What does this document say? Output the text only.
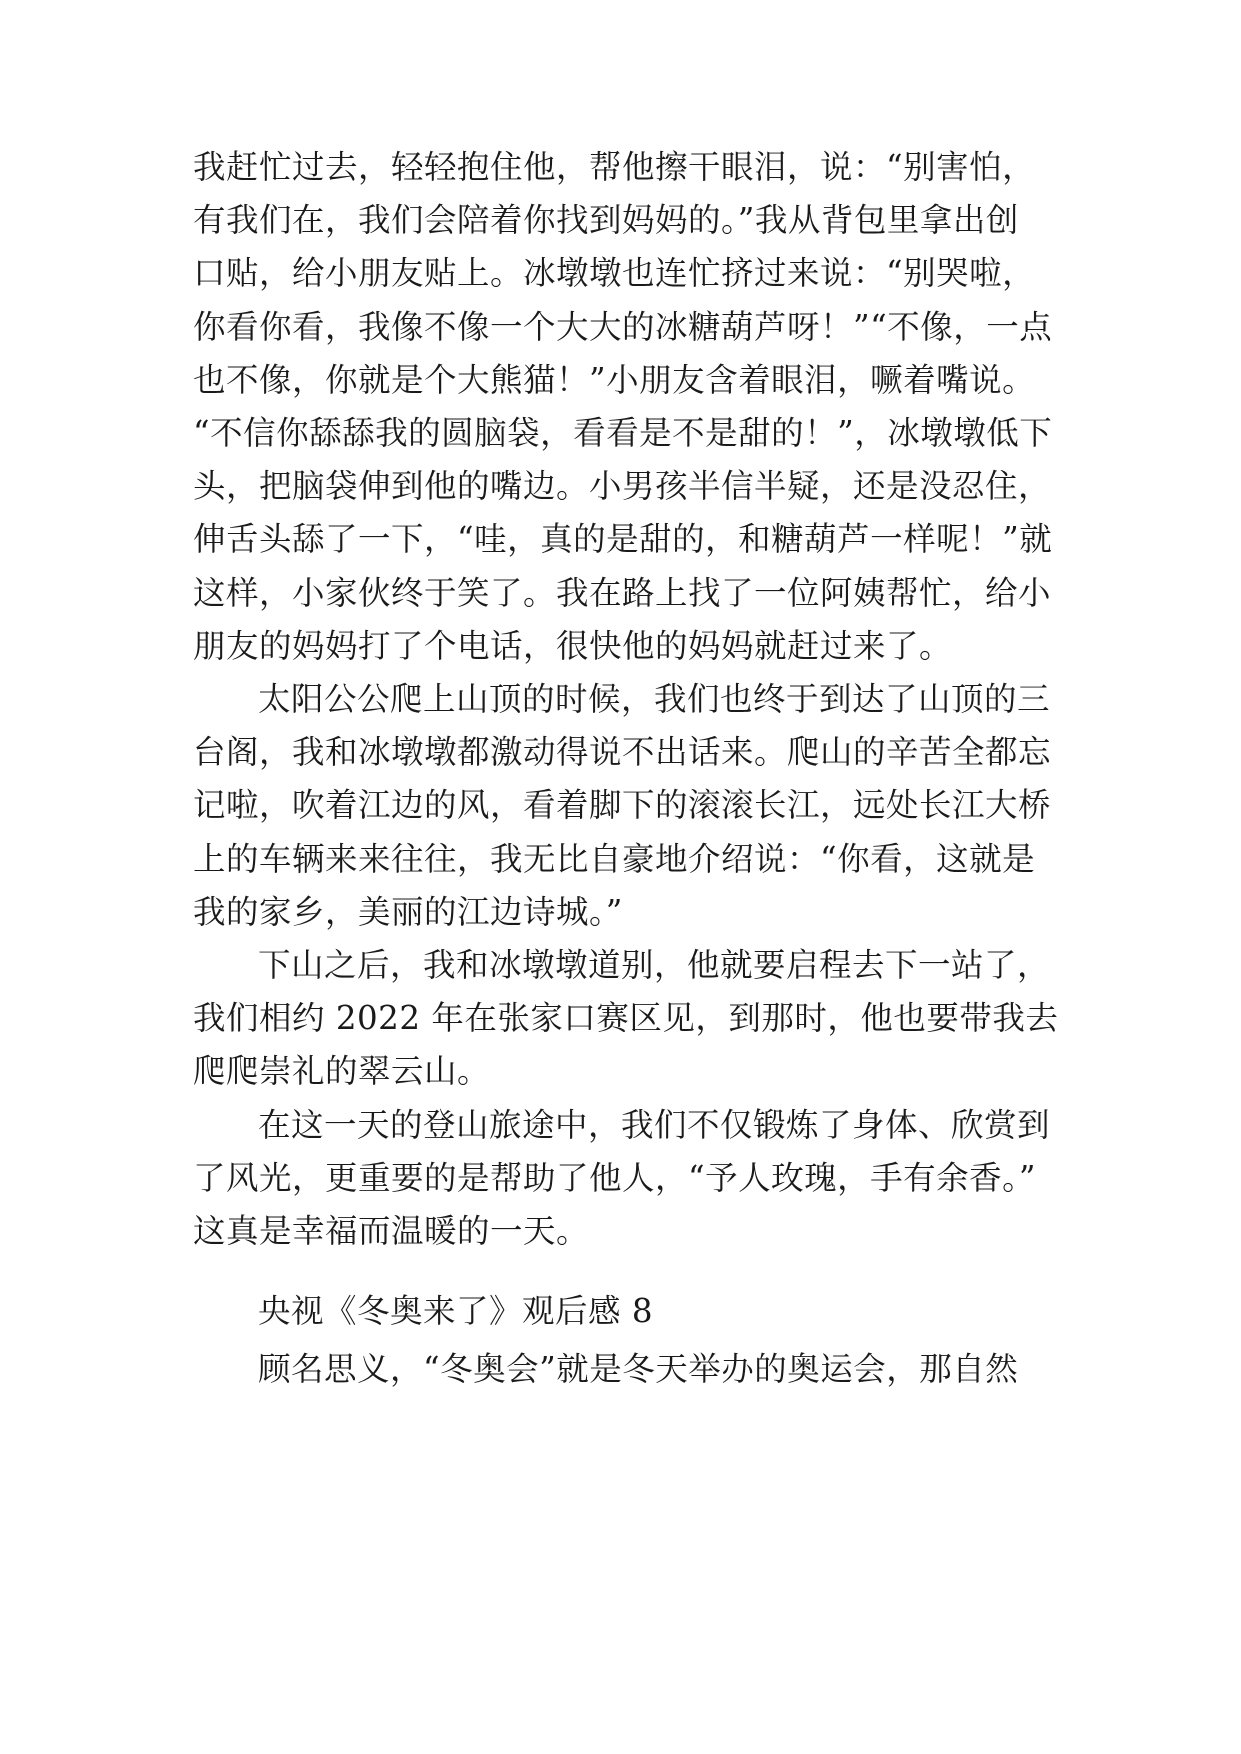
我赶忙过去，轻轻抱住他，帮他擦干眼泪，说：“别害怕，
有我们在，我们会陪着你找到妈妈的。”我从背包里拿出创
口贴，给小朋友贴上。冰墩墩也连忙挤过来说：“别哭啦，
你看你看，我像不像一个大大的冰糖葫芦呀！”“不像，一点
也不像，你就是个大熊猫！”小朋友含着眼泪，噘着嘴说。
“不信你舔舔我的圆脑袋，看看是不是甜的！”，冰墩墩低下
头，把脑袋伸到他的嘴边。小男孩半信半疑，还是没忍住，
伸舌头舔了一下，“哇，真的是甜的，和糖葫芦一样呢！”就
这样，小家伙终于笑了。我在路上找了一位阿姨帮忙，给小
朋友的妈妈打了个电话，很快他的妈妈就赶过来了。
太阳公公爬上山顶的时候，我们也终于到达了山顶的三
台阁，我和冰墩墩都激动得说不出话来。爬山的辛苦全都忘
记啦，吹着江边的风，看着脚下的滚滚长江，远处长江大桥
上的车辆来来往往，我无比自豪地介绍说：“你看，这就是
我的家乡，美丽的江边诗城。”
下山之后，我和冰墩墩道别，他就要启程去下一站了，
我们相约 2022 年在张家口赛区见，到那时，他也要带我去
爬爬崇礼的翠云山。
在这一天的登山旅途中，我们不仅锻炼了身体、欣赏到
了风光，更重要的是帮助了他人，“予人玫瑰，手有余香。”
这真是幸福而温暖的一天。
央视《冬奥来了》观后感 8
顾名思义，“冬奥会”就是冬天举办的奥运会，那自然
